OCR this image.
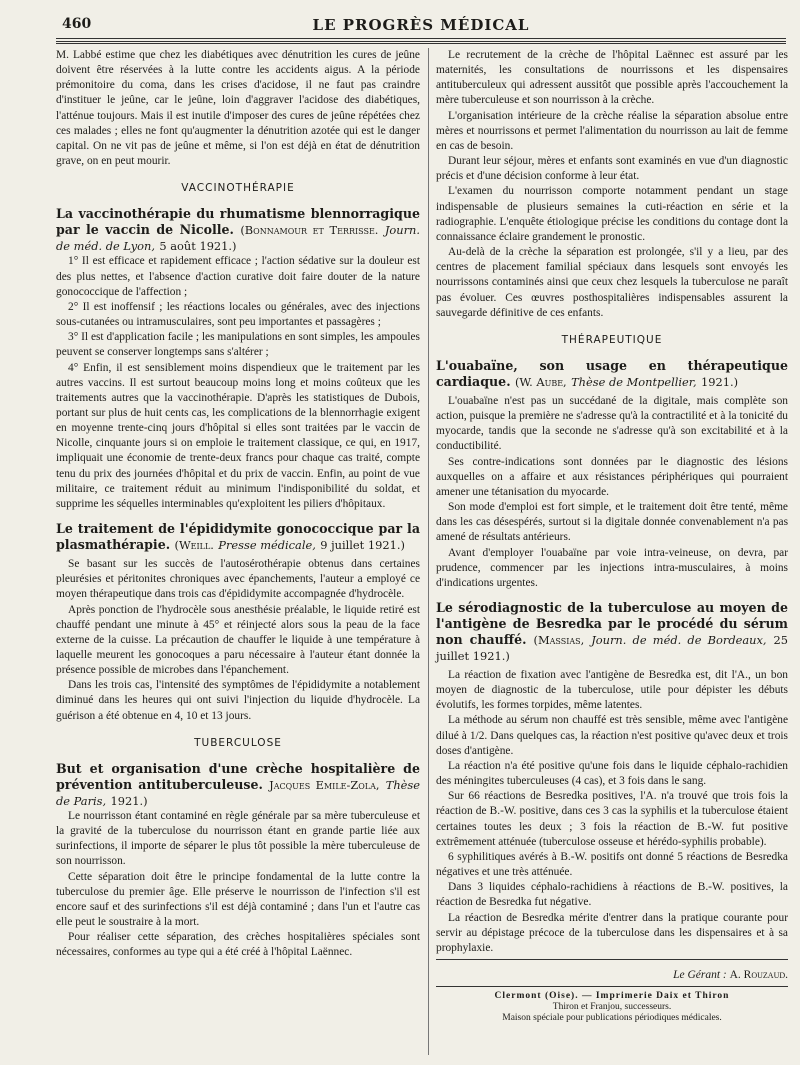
460	LE PROGRÈS MÉDICAL

M. Labbé estime que chez les diabétiques avec dénutrition les cures de jeûne doivent être réservées à la lutte contre les accidents aigus. A la période prémonitoire du coma, dans les crises d'acidose, il ne faut pas craindre d'instituer le jeûne, car le jeûne, loin d'aggraver l'acidose des diabétiques, l'atténue toujours. Mais il est inutile d'imposer des cures de jeûne répétées chez ces malades ; elles ne font qu'augmenter la dénutrition azotée qui est le danger capital. On ne vit pas de jeûne et même, si l'on est déjà en état de dénutrition grave, on en peut mourir.

VACCINOTHÉRAPIE

La vaccinothérapie du rhumatisme blennorragique par le vaccin de Nicolle. (Bonnamour et Terrisse. Journ. de méd. de Lyon, 5 août 1921.)

1° Il est efficace et rapidement efficace ; l'action sédative sur la douleur est des plus nettes, et l'absence d'action curative doit faire douter de la nature gonococcique de l'affection ;

2° Il est inoffensif ; les réactions locales ou générales, avec des injections sous-cutanées ou intramusculaires, sont peu importantes et passagères ;

3° Il est d'application facile ; les manipulations en sont simples, les ampoules peuvent se conserver longtemps sans s'altérer ;

4° Enfin, il est sensiblement moins dispendieux que le traitement par les autres vaccins. Il est surtout beaucoup moins long et moins coûteux que les traitements autres que la vaccinothérapie. D'après les statistiques de Dubois, portant sur plus de huit cents cas, les complications de la blennorrhagie exigent en moyenne trente-cinq jours d'hôpital si elles sont traitées par le vaccin de Nicolle, cinquante jours si on emploie le traitement classique, ce qui, en 1917, impliquait une économie de trente-deux francs pour chaque cas traité, compte tenu du prix des journées d'hôpital et du prix de vaccin. Enfin, au point de vue militaire, ce traitement réduit au minimum l'indisponibilité du soldat, et supprime les séquelles interminables qu'exploitent les piliers d'hôpitaux.

Le traitement de l'épididymite gonococcique par la plasmathérapie. (Weill. Presse médicale, 9 juillet 1921.)

Se basant sur les succès de l'autosérothérapie obtenus dans certaines pleurésies et péritonites chroniques avec épanchements, l'auteur a employé ce moyen thérapeutique dans trois cas d'épididymite accompagnée d'hydrocèle.

Après ponction de l'hydrocèle sous anesthésie préalable, le liquide retiré est chauffé pendant une minute à 45° et réinjecté alors sous la peau de la face externe de la cuisse. La précaution de chauffer le liquide à une température à laquelle meurent les gonocoques a paru nécessaire à l'auteur étant donnée la présence possible de microbes dans l'épanchement.

Dans les trois cas, l'intensité des symptômes de l'épididymite a notablement diminué dans les heures qui ont suivi l'injection du liquide d'hydrocèle. La guérison a été obtenue en 4, 10 et 13 jours.

TUBERCULOSE

But et organisation d'une crèche hospitalière de prévention antituberculeuse. Jacques Emile-Zola, Thèse de Paris, 1921.)

Le nourrisson étant contaminé en règle générale par sa mère tuberculeuse et la gravité de la tuberculose du nourrisson étant en grande partie liée aux surinfections, il importe de séparer le plus tôt possible la mère tuberculeuse de son nourrisson.

Cette séparation doit être le principe fondamental de la lutte contre la tuberculose du premier âge. Elle préserve le nourrisson de l'infection s'il est encore sauf et des surinfections s'il est déjà contaminé ; dans l'un et l'autre cas elle peut le soustraire à la mort.

Pour réaliser cette séparation, des crèches hospitalières spéciales sont nécessaires, conformes au type qui a été créé à l'hôpital Laënnec.

Le recrutement de la crèche de l'hôpital Laënnec est assuré par les maternités, les consultations de nourrissons et les dispensaires antituberculeux qui adressent aussitôt que possible après l'accouchement la mère tuberculeuse et son nourrisson à la crèche.

L'organisation intérieure de la crèche réalise la séparation absolue entre mères et nourrissons et permet l'alimentation du nourrisson au lait de femme en cas de besoin.

Durant leur séjour, mères et enfants sont examinés en vue d'un diagnostic précis et d'une décision conforme à leur état.

L'examen du nourrisson comporte notamment pendant un stage indispensable de plusieurs semaines la cuti-réaction en série et la radiographie. L'enquête étiologique précise les conditions du contage dont la connaissance éclaire grandement le pronostic.

Au-delà de la crèche la séparation est prolongée, s'il y a lieu, par des centres de placement familial spéciaux dans lesquels sont envoyés les nourrissons contaminés ainsi que ceux chez lesquels la tuberculose ne paraît pas évoluer. Ces œuvres posthospitalières indispensables assurent la sauvegarde définitive de ces enfants.

THÉRAPEUTIQUE

L'ouabaïne, son usage en thérapeutique cardiaque. (W. Aube, Thèse de Montpellier, 1921.)

L'ouabaïne n'est pas un succédané de la digitale, mais complète son action, puisque la première ne s'adresse qu'à la contractilité et à la tonicité du myocarde, tandis que la seconde ne s'adresse qu'à son excitabilité et à la conductibilité.

Ses contre-indications sont données par le diagnostic des lésions auxquelles on a affaire et aux résistances périphériques qui pourraient amener une tétanisation du myocarde.

Son mode d'emploi est fort simple, et le traitement doit être tenté, même dans les cas désespérés, surtout si la digitale donnée convenablement n'a pas amené de résultats antérieurs.

Avant d'employer l'ouabaïne par voie intra-veineuse, on devra, par prudence, commencer par les injections intra-musculaires, à moins d'indications urgentes.

Le sérodiagnostic de la tuberculose au moyen de l'antigène de Besredka par le procédé du sérum non chauffé. (Massias, Journ. de méd. de Bordeaux, 25 juillet 1921.)

La réaction de fixation avec l'antigène de Besredka est, dit l'A., un bon moyen de diagnostic de la tuberculose, utile pour dépister les débuts évolutifs, les formes torpides, même latentes.

La méthode au sérum non chauffé est très sensible, même avec l'antigène dilué à 1/2. Dans quelques cas, la réaction n'est positive qu'avec deux et trois doses d'antigène.

La réaction n'a été positive qu'une fois dans le liquide céphalo-rachidien des méningites tuberculeuses (4 cas), et 3 fois dans le sang.

Sur 66 réactions de Besredka positives, l'A. n'a trouvé que trois fois la réaction de B.-W. positive, dans ces 3 cas la syphilis et la tuberculose étaient certaines toutes les deux ; 3 fois la réaction de B.-W. fut positive extrêmement atténuée (tuberculose osseuse et hérédo-syphilis probable).

6 syphilitiques avérés à B.-W. positifs ont donné 5 réactions de Besredka négatives et une très atténuée.

Dans 3 liquides céphalo-rachidiens à réactions de B.-W. positives, la réaction de Besredka fut négative.

La réaction de Besredka mérite d'entrer dans la pratique courante pour servir au dépistage précoce de la tuberculose dans les dispensaires et à sa prophylaxie.

Le Gérant : A. Rouzaud.
Clermont (Oise). — Imprimerie Daix et Thiron
Thiron et Franjou, successeurs.
Maison spéciale pour publications périodiques médicales.
